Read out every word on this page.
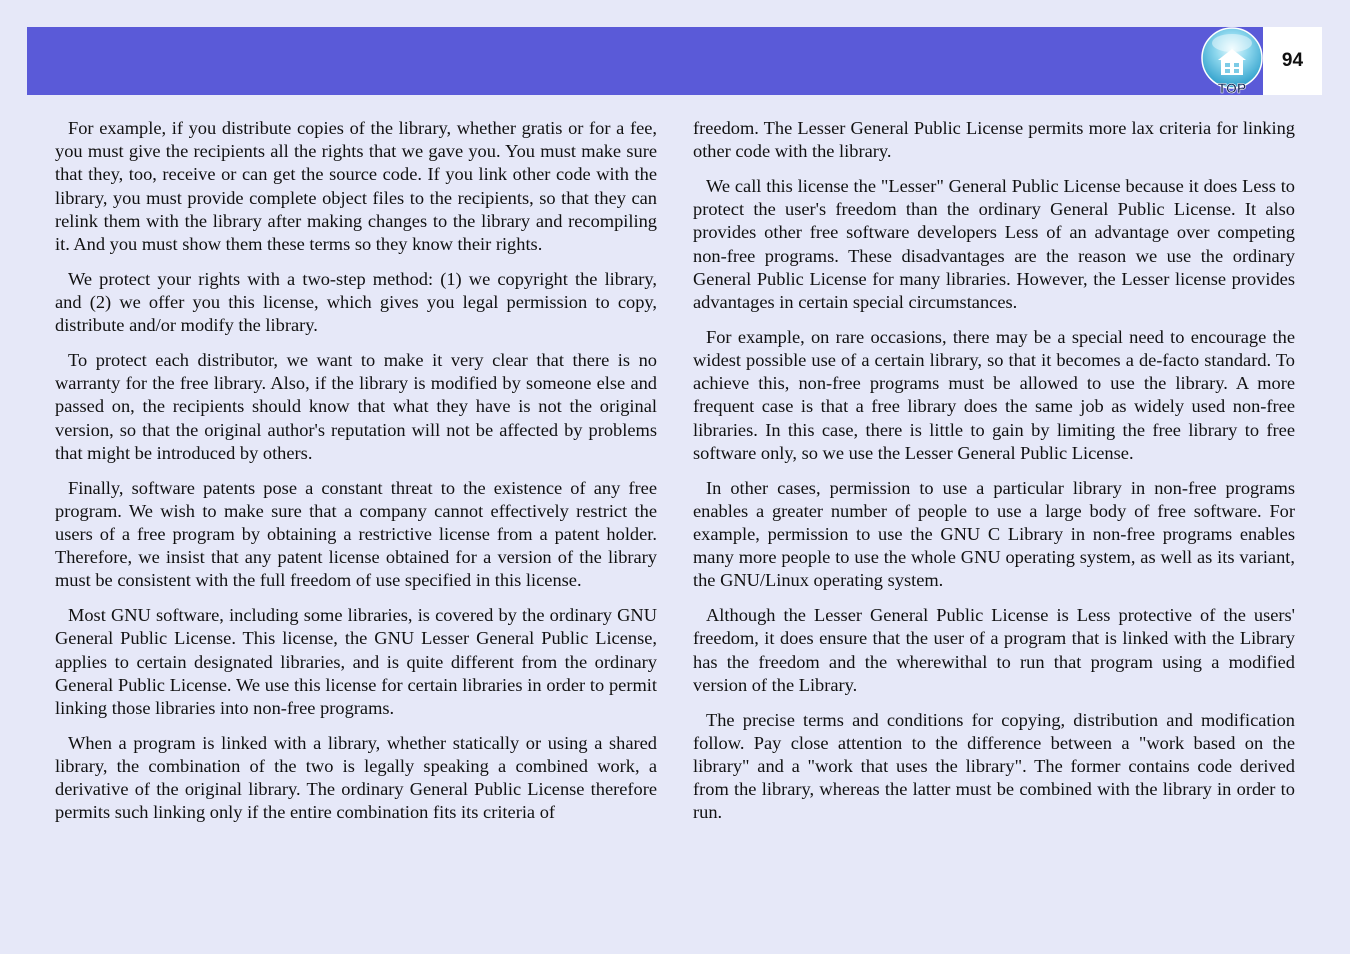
94
TOP

For example, if you distribute copies of the library, whether gratis or for a fee, you must give the recipients all the rights that we gave you. You must make sure that they, too, receive or can get the source code. If you link other code with the library, you must provide complete object files to the recipients, so that they can relink them with the library after making changes to the library and recompiling it. And you must show them these terms so they know their rights.

We protect your rights with a two-step method: (1) we copyright the library, and (2) we offer you this license, which gives you legal permission to copy, distribute and/or modify the library.

To protect each distributor, we want to make it very clear that there is no warranty for the free library. Also, if the library is modified by someone else and passed on, the recipients should know that what they have is not the original version, so that the original author's reputation will not be affected by problems that might be introduced by others.

Finally, software patents pose a constant threat to the existence of any free program. We wish to make sure that a company cannot effectively restrict the users of a free program by obtaining a restrictive license from a patent holder. Therefore, we insist that any patent license obtained for a version of the library must be consistent with the full freedom of use specified in this license.

Most GNU software, including some libraries, is covered by the ordinary GNU General Public License. This license, the GNU Lesser General Public License, applies to certain designated libraries, and is quite different from the ordinary General Public License. We use this license for certain libraries in order to permit linking those libraries into non-free programs.

When a program is linked with a library, whether statically or using a shared library, the combination of the two is legally speaking a combined work, a derivative of the original library. The ordinary General Public License therefore permits such linking only if the entire combination fits its criteria of

freedom. The Lesser General Public License permits more lax criteria for linking other code with the library.

We call this license the "Lesser" General Public License because it does Less to protect the user's freedom than the ordinary General Public License. It also provides other free software developers Less of an advantage over competing non-free programs. These disadvantages are the reason we use the ordinary General Public License for many libraries. However, the Lesser license provides advantages in certain special circumstances.

For example, on rare occasions, there may be a special need to encourage the widest possible use of a certain library, so that it becomes a de-facto standard. To achieve this, non-free programs must be allowed to use the library. A more frequent case is that a free library does the same job as widely used non-free libraries. In this case, there is little to gain by limiting the free library to free software only, so we use the Lesser General Public License.

In other cases, permission to use a particular library in non-free programs enables a greater number of people to use a large body of free software. For example, permission to use the GNU C Library in non-free programs enables many more people to use the whole GNU operating system, as well as its variant, the GNU/Linux operating system.

Although the Lesser General Public License is Less protective of the users' freedom, it does ensure that the user of a program that is linked with the Library has the freedom and the wherewithal to run that program using a modified version of the Library.

The precise terms and conditions for copying, distribution and modification follow. Pay close attention to the difference between a "work based on the library" and a "work that uses the library". The former contains code derived from the library, whereas the latter must be combined with the library in order to run.
